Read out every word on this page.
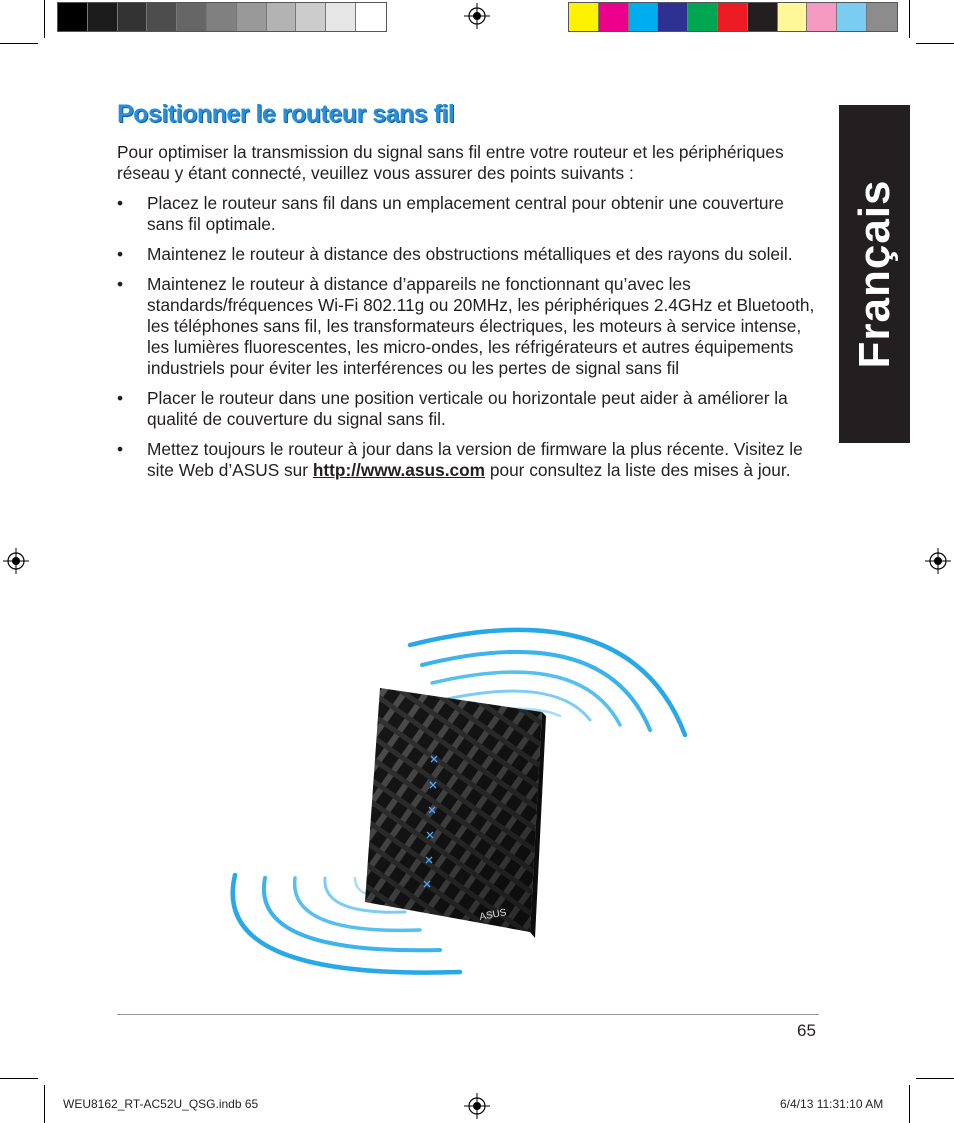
Positionner le routeur sans fil
Pour optimiser la transmission du signal sans fil entre votre routeur et les périphériques réseau y étant connecté, veuillez vous assurer des points suivants :
• Placez le routeur sans fil dans un emplacement central pour obtenir une couverture sans fil optimale.
• Maintenez le routeur à distance des obstructions métalliques et des rayons du soleil.
• Maintenez le routeur à distance d’appareils ne fonctionnant qu’avec les standards/fréquences Wi-Fi 802.11g ou 20MHz, les périphériques 2.4GHz et Bluetooth, les téléphones sans fil, les transformateurs électriques, les moteurs à service intense, les lumières fluorescentes, les micro-ondes, les réfrigérateurs et autres équipements industriels pour éviter les interférences ou les pertes de signal sans fil
• Placer le routeur dans une position verticale ou horizontale peut aider à améliorer la qualité de couverture du signal sans fil.
• Mettez toujours le routeur à jour dans la version de firmware la plus récente. Visitez le site Web d’ASUS sur http://www.asus.com pour consultez la liste des mises à jour.
Français
ASUS
65
WEU8162_RT-AC52U_QSG.indb 65	6/4/13 11:31:10 AM
